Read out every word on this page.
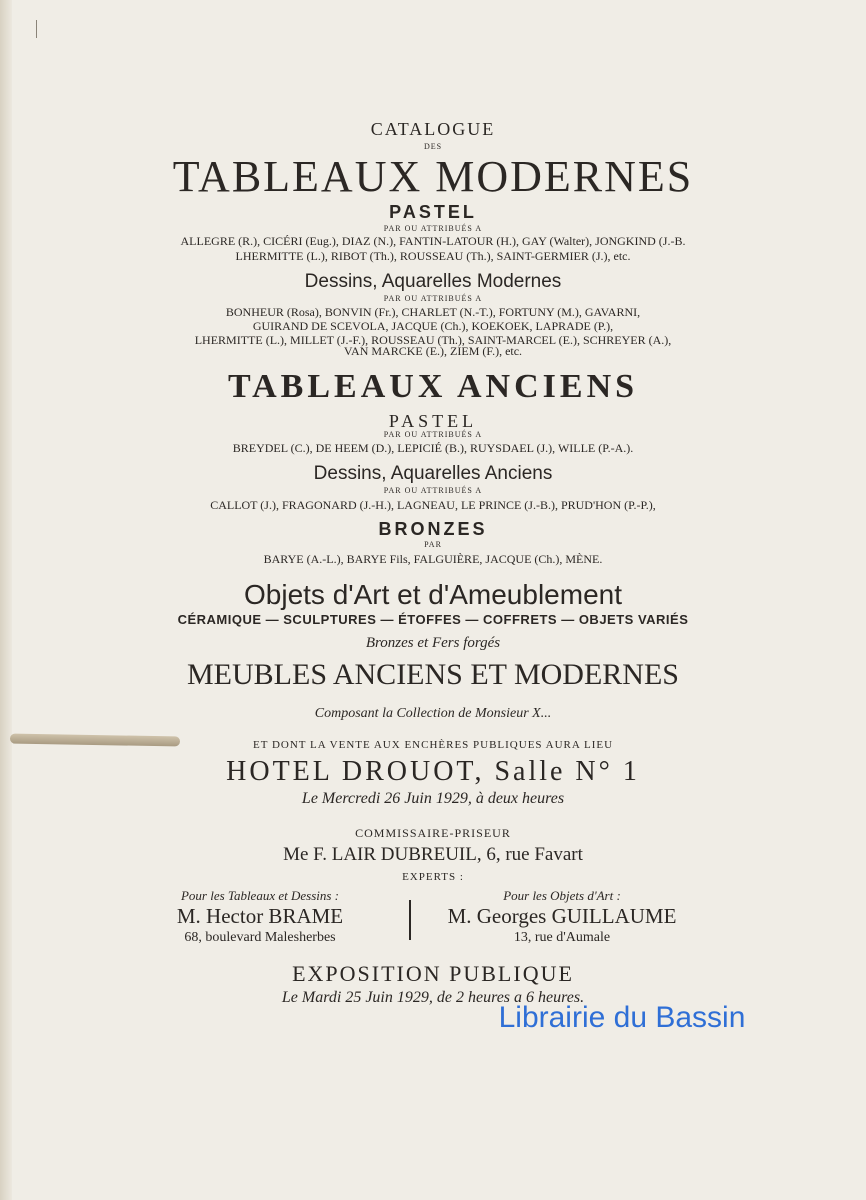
CATALOGUE
DES
TABLEAUX MODERNES
PASTEL
PAR OU ATTRIBUÉS A
ALLEGRE (R.), CICÉRI (Eug.), DIAZ (N.), FANTIN-LATOUR (H.), GAY (Walter), JONGKIND (J.-B.
LHERMITTE (L.), RIBOT (Th.), ROUSSEAU (Th.), SAINT-GERMIER (J.), etc.
Dessins, Aquarelles Modernes
PAR OU ATTRIBUÉS A
BONHEUR (Rosa), BONVIN (Fr.), CHARLET (N.-T.), FORTUNY (M.), GAVARNI,
GUIRAND DE SCEVOLA, JACQUE (Ch.), KOEKOEK, LAPRADE (P.),
LHERMITTE (L.), MILLET (J.-F.), ROUSSEAU (Th.), SAINT-MARCEL (E.), SCHREYER (A.),
VAN MARCKE (E.), ZIEM (F.), etc.
TABLEAUX ANCIENS
PASTEL
PAR OU ATTRIBUÉS A
BREYDEL (C.), DE HEEM (D.), LEPICIÉ (B.), RUYSDAEL (J.), WILLE (P.-A.).
Dessins, Aquarelles Anciens
PAR OU ATTRIBUÉS A
CALLOT (J.), FRAGONARD (J.-H.), LAGNEAU, LE PRINCE (J.-B.), PRUD'HON (P.-P.),
BRONZES
PAR
BARYE (A.-L.), BARYE Fils, FALGUIÈRE, JACQUE (Ch.), MÈNE.
Objets d'Art et d'Ameublement
CÉRAMIQUE — SCULPTURES — ÉTOFFES — COFFRETS — OBJETS VARIÉS
Bronzes et Fers forgés
MEUBLES ANCIENS ET MODERNES
Composant la Collection de Monsieur X...
ET DONT LA VENTE AUX ENCHÈRES PUBLIQUES AURA LIEU
HOTEL DROUOT, Salle N° 1
Le Mercredi 26 Juin 1929, à deux heures
COMMISSAIRE-PRISEUR
Me F. LAIR DUBREUIL, 6, rue Favart
EXPERTS :
Pour les Tableaux et Dessins :
M. Hector BRAME
68, boulevard Malesherbes
Pour les Objets d'Art :
M. Georges GUILLAUME
13, rue d'Aumale
EXPOSITION PUBLIQUE
Le Mardi 25 Juin 1929, de 2 heures a 6 heures.
Librairie du Bassin
